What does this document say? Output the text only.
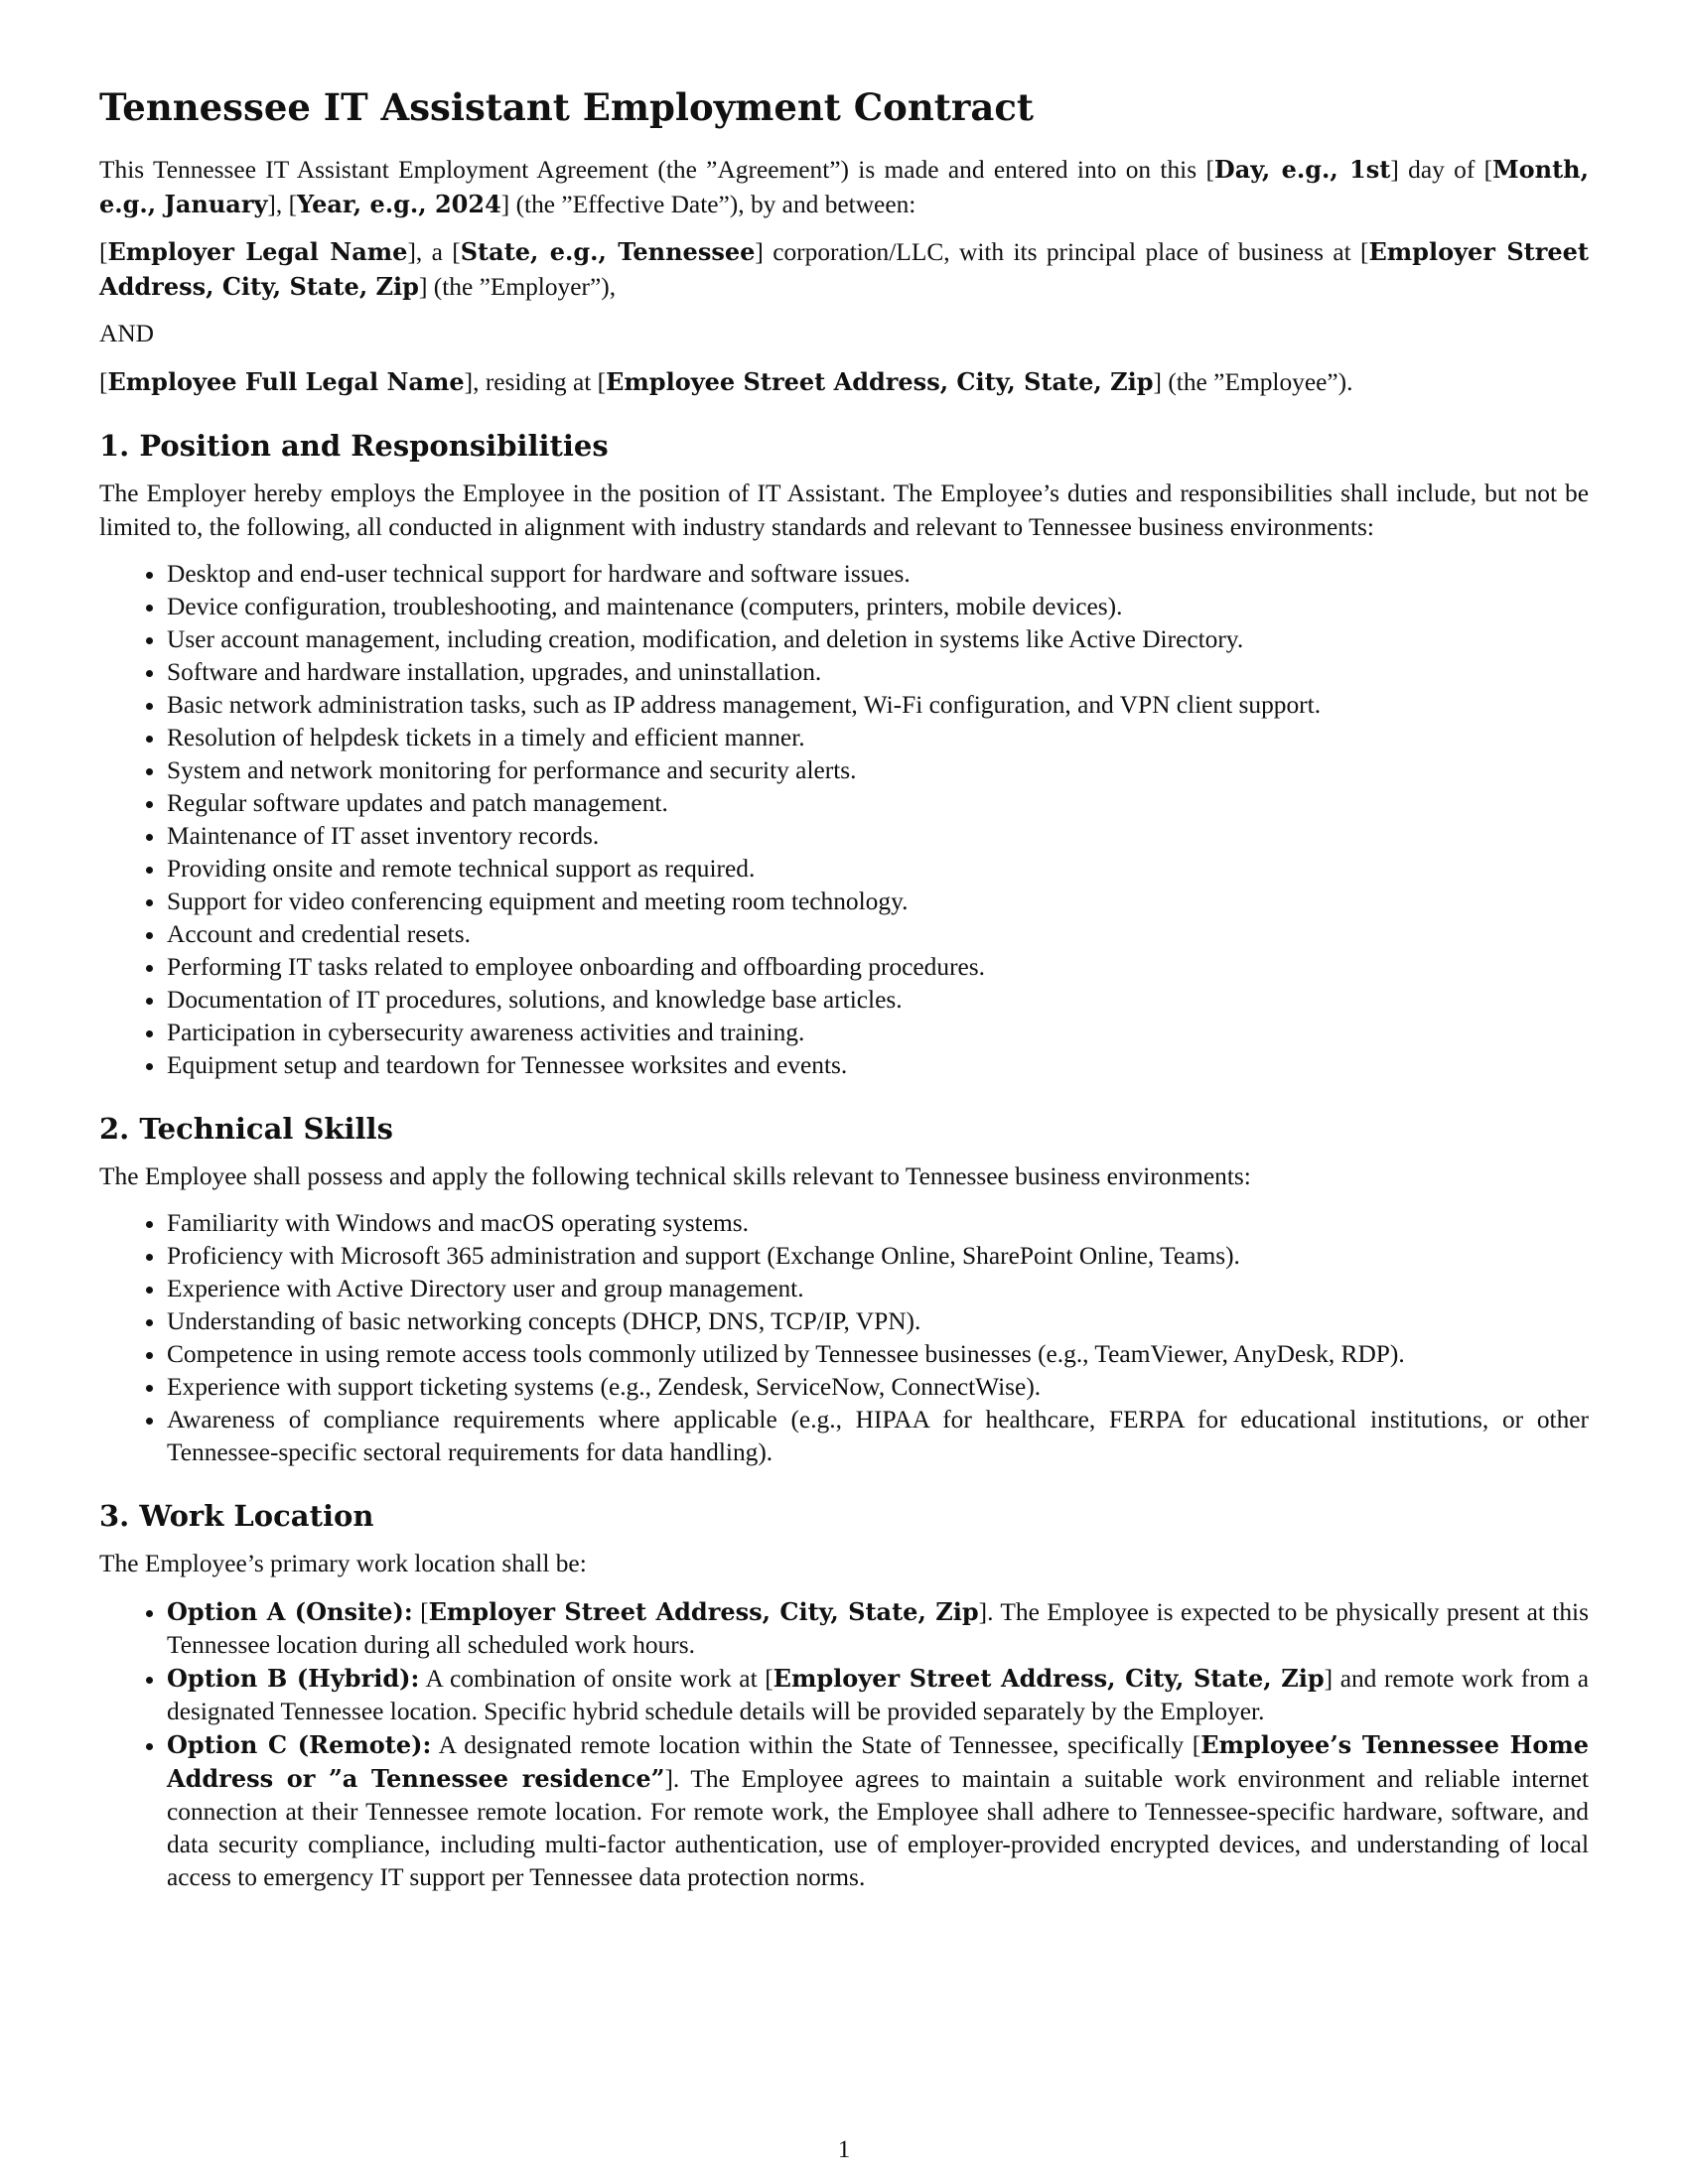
Tennessee IT Assistant Employment Contract

This Tennessee IT Assistant Employment Agreement (the ”Agreement”) is made and entered into on this [Day, e.g., 1st] day of [Month, e.g., January], [Year, e.g., 2024] (the ”Effective Date”), by and between:

[Employer Legal Name], a [State, e.g., Tennessee] corporation/LLC, with its principal place of business at [Employer Street Address, City, State, Zip] (the ”Employer”),

AND

[Employee Full Legal Name], residing at [Employee Street Address, City, State, Zip] (the ”Employee”).

1. Position and Responsibilities

The Employer hereby employs the Employee in the position of IT Assistant. The Employee’s duties and responsibilities shall include, but not be limited to, the following, all conducted in alignment with industry standards and relevant to Tennessee business environments:

• Desktop and end-user technical support for hardware and software issues.
• Device configuration, troubleshooting, and maintenance (computers, printers, mobile devices).
• User account management, including creation, modification, and deletion in systems like Active Directory.
• Software and hardware installation, upgrades, and uninstallation.
• Basic network administration tasks, such as IP address management, Wi-Fi configuration, and VPN client support.
• Resolution of helpdesk tickets in a timely and efficient manner.
• System and network monitoring for performance and security alerts.
• Regular software updates and patch management.
• Maintenance of IT asset inventory records.
• Providing onsite and remote technical support as required.
• Support for video conferencing equipment and meeting room technology.
• Account and credential resets.
• Performing IT tasks related to employee onboarding and offboarding procedures.
• Documentation of IT procedures, solutions, and knowledge base articles.
• Participation in cybersecurity awareness activities and training.
• Equipment setup and teardown for Tennessee worksites and events.
2. Technical Skills

The Employee shall possess and apply the following technical skills relevant to Tennessee business environments:

• Familiarity with Windows and macOS operating systems.
• Proficiency with Microsoft 365 administration and support (Exchange Online, SharePoint Online, Teams).
• Experience with Active Directory user and group management.
• Understanding of basic networking concepts (DHCP, DNS, TCP/IP, VPN).
• Competence in using remote access tools commonly utilized by Tennessee businesses (e.g., TeamViewer, AnyDesk, RDP).
• Experience with support ticketing systems (e.g., Zendesk, ServiceNow, ConnectWise).
• Awareness of compliance requirements where applicable (e.g., HIPAA for healthcare, FERPA for educational institutions, or other Tennessee-specific sectoral requirements for data handling).
3. Work Location

The Employee’s primary work location shall be:

• Option A (Onsite): [Employer Street Address, City, State, Zip]. The Employee is expected to be physically present at this Tennessee location during all scheduled work hours.
• Option B (Hybrid): A combination of onsite work at [Employer Street Address, City, State, Zip] and remote work from a designated Tennessee location. Specific hybrid schedule details will be provided separately by the Employer.
• Option C (Remote): A designated remote location within the State of Tennessee, specifically [Employee’s Tennessee Home Address or ”a Tennessee residence”]. The Employee agrees to maintain a suitable work environment and reliable internet connection at their Tennessee remote location. For remote work, the Employee shall adhere to Tennessee-specific hardware, software, and data security compliance, including multi-factor authentication, use of employer-provided encrypted devices, and understanding of local access to emergency IT support per Tennessee data protection norms.
1
